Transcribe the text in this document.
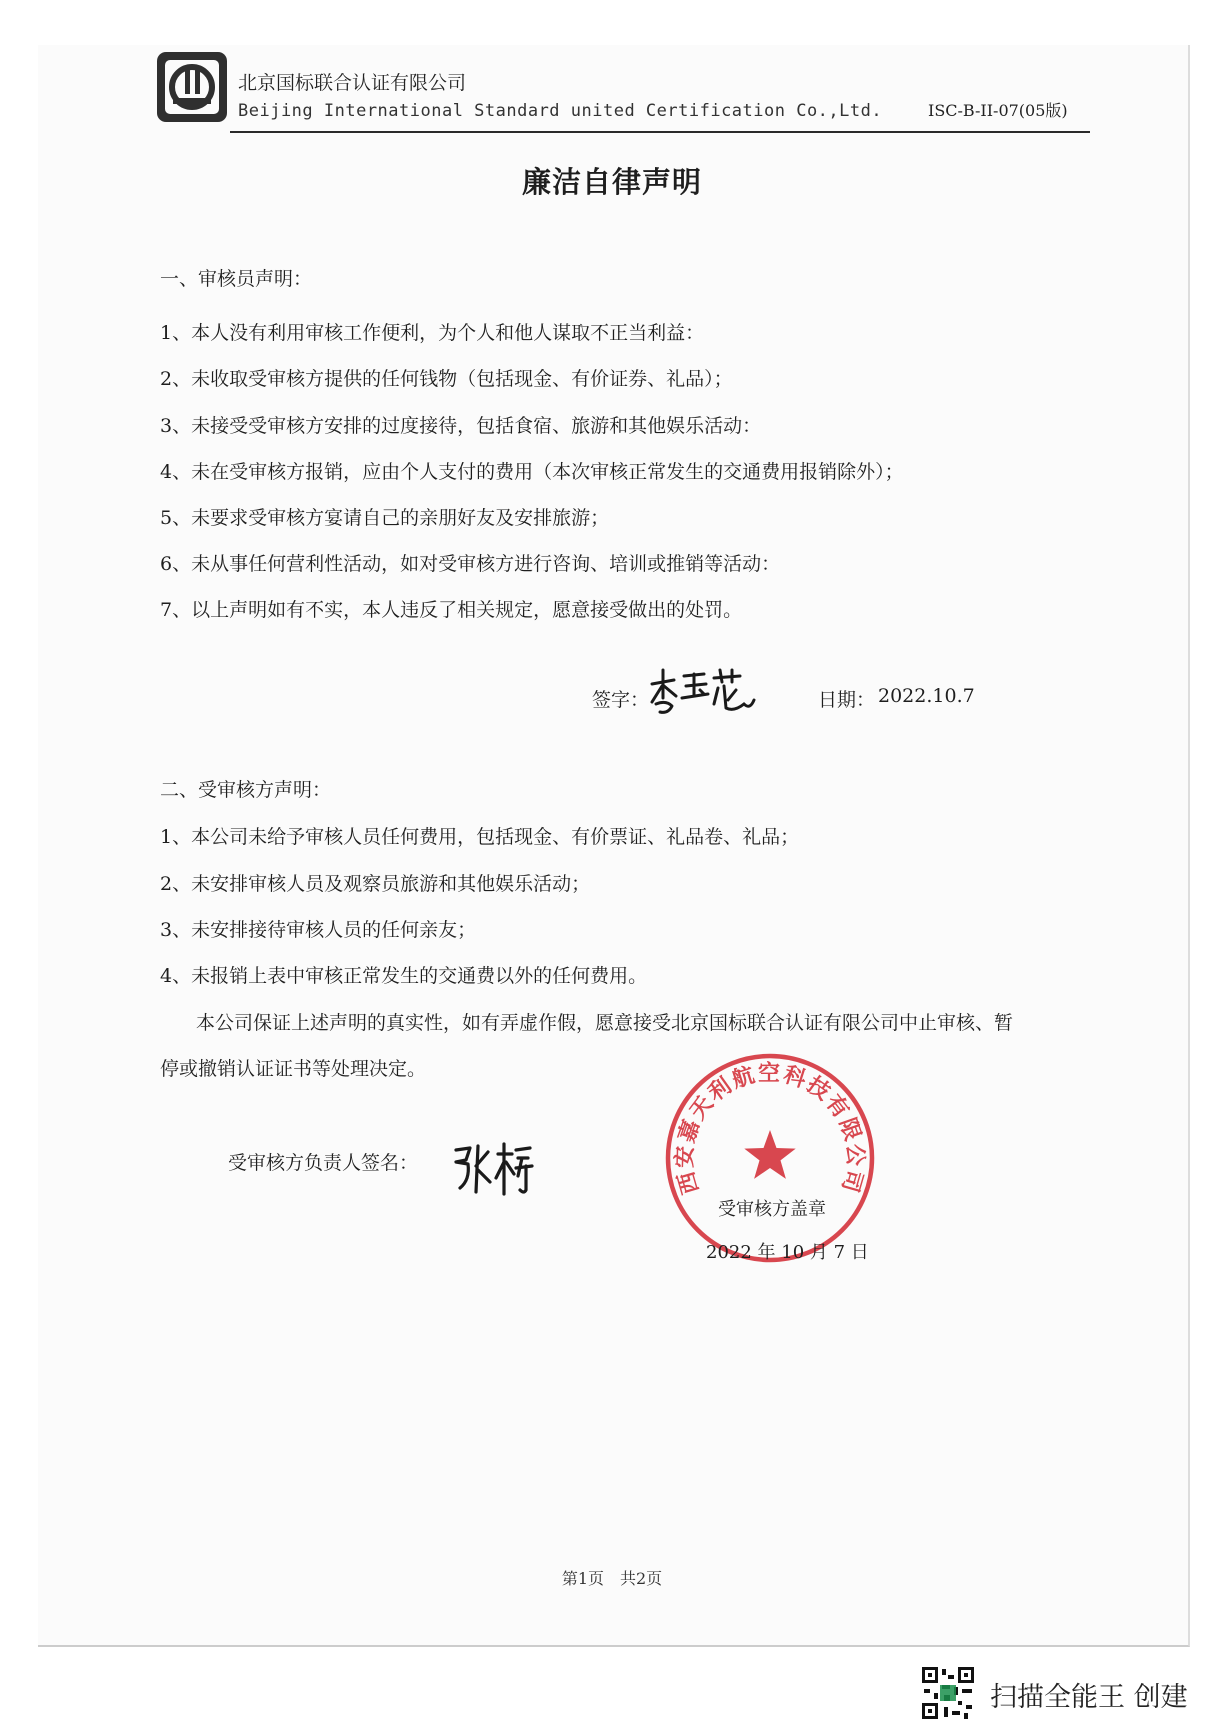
北京国标联合认证有限公司
Beijing International Standard united Certification Co.,Ltd.	ISC-B-II-07(05版)
廉洁自律声明
一、审核员声明：
1、本人没有利用审核工作便利，为个人和他人谋取不正当利益：
2、未收取受审核方提供的任何钱物（包括现金、有价证券、礼品）；
3、未接受受审核方安排的过度接待，包括食宿、旅游和其他娱乐活动：
4、未在受审核方报销，应由个人支付的费用（本次审核正常发生的交通费用报销除外）；
5、未要求受审核方宴请自己的亲朋好友及安排旅游；
6、未从事任何营利性活动，如对受审核方进行咨询、培训或推销等活动：
7、以上声明如有不实，本人违反了相关规定，愿意接受做出的处罚。
签字：	日期： 2022.10.7
二、受审核方声明：
1、本公司未给予审核人员任何费用，包括现金、有价票证、礼品卷、礼品；
2、未安排审核人员及观察员旅游和其他娱乐活动；
3、未安排接待审核人员的任何亲友；
4、未报销上表中审核正常发生的交通费以外的任何费用。
本公司保证上述声明的真实性，如有弄虚作假，愿意接受北京国标联合认证有限公司中止审核、暂
停或撤销认证证书等处理决定。
受审核方负责人签名：
西安嘉天利航空科技有限公司
受审核方盖章
2022 年 10 月 7 日
第1页　共2页
扫描全能王 创建
